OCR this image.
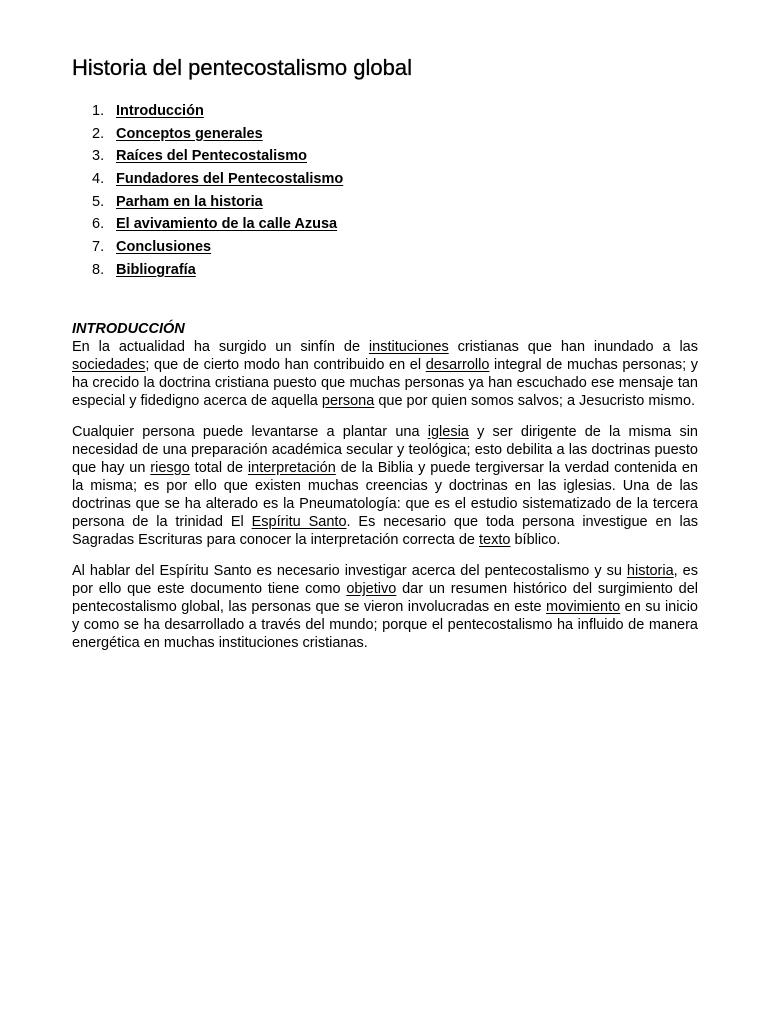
Historia del pentecostalismo global
1. Introducción
2. Conceptos generales
3. Raíces del Pentecostalismo
4. Fundadores del Pentecostalismo
5. Parham en la historia
6. El avivamiento de la calle Azusa
7. Conclusiones
8. Bibliografía
INTRODUCCIÓN

En la actualidad ha surgido un sinfín de instituciones cristianas que han inundado a las sociedades; que de cierto modo han contribuido en el desarrollo integral de muchas personas; y ha crecido la doctrina cristiana puesto que muchas personas ya han escuchado ese mensaje tan especial y fidedigno acerca de aquella persona que por quien somos salvos; a Jesucristo mismo.

Cualquier persona puede levantarse a plantar una iglesia y ser dirigente de la misma sin necesidad de una preparación académica secular y teológica; esto debilita a las doctrinas puesto que hay un riesgo total de interpretación de la Biblia y puede tergiversar la verdad contenida en la misma; es por ello que existen muchas creencias y doctrinas en las iglesias. Una de las doctrinas que se ha alterado es la Pneumatología: que es el estudio sistematizado de la tercera persona de la trinidad El Espíritu Santo. Es necesario que toda persona investigue en las Sagradas Escrituras para conocer la interpretación correcta de texto bíblico.

Al hablar del Espíritu Santo es necesario investigar acerca del pentecostalismo y su historia, es por ello que este documento tiene como objetivo dar un resumen histórico del surgimiento del pentecostalismo global, las personas que se vieron involucradas en este movimiento en su inicio y como se ha desarrollado a través del mundo; porque el pentecostalismo ha influido de manera energética en muchas instituciones cristianas.
